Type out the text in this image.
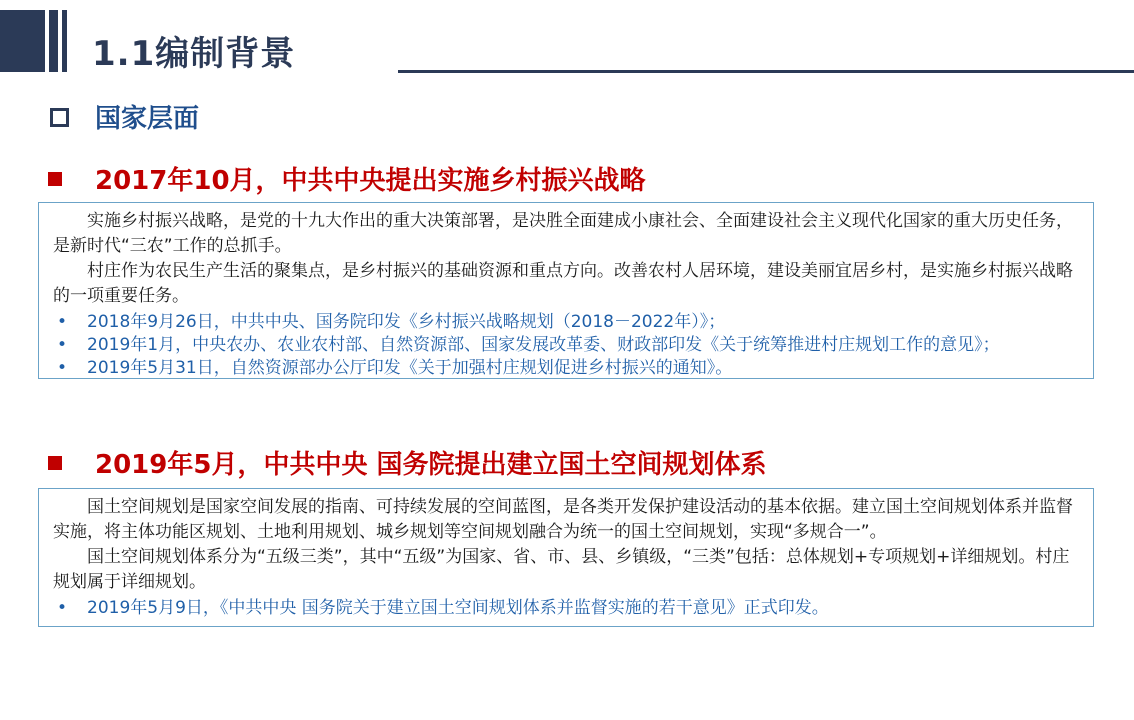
1.1编制背景
国家层面
2017年10月，中共中央提出实施乡村振兴战略

实施乡村振兴战略，是党的十九大作出的重大决策部署，是决胜全面建成小康社会、全面建设社会主义现代化国家的重大历史任务，是新时代“三农”工作的总抓手。

村庄作为农民生产生活的聚集点，是乡村振兴的基础资源和重点方向。改善农村人居环境，建设美丽宜居乡村，是实施乡村振兴战略的一项重要任务。

• 2018年9月26日，中共中央、国务院印发《乡村振兴战略规划（2018－2022年）》；
• 2019年1月，中央农办、农业农村部、自然资源部、国家发展改革委、财政部印发《关于统筹推进村庄规划工作的意见》；
• 2019年5月31日，自然资源部办公厅印发《关于加强村庄规划促进乡村振兴的通知》。
2019年5月，中共中央 国务院提出建立国土空间规划体系

国土空间规划是国家空间发展的指南、可持续发展的空间蓝图，是各类开发保护建设活动的基本依据。建立国土空间规划体系并监督实施，将主体功能区规划、土地利用规划、城乡规划等空间规划融合为统一的国土空间规划，实现“多规合一”。

国土空间规划体系分为“五级三类”，其中“五级”为国家、省、市、县、乡镇级，“三类”包括：总体规划+专项规划+详细规划。村庄规划属于详细规划。

• 2019年5月9日，《中共中央 国务院关于建立国土空间规划体系并监督实施的若干意见》正式印发。
